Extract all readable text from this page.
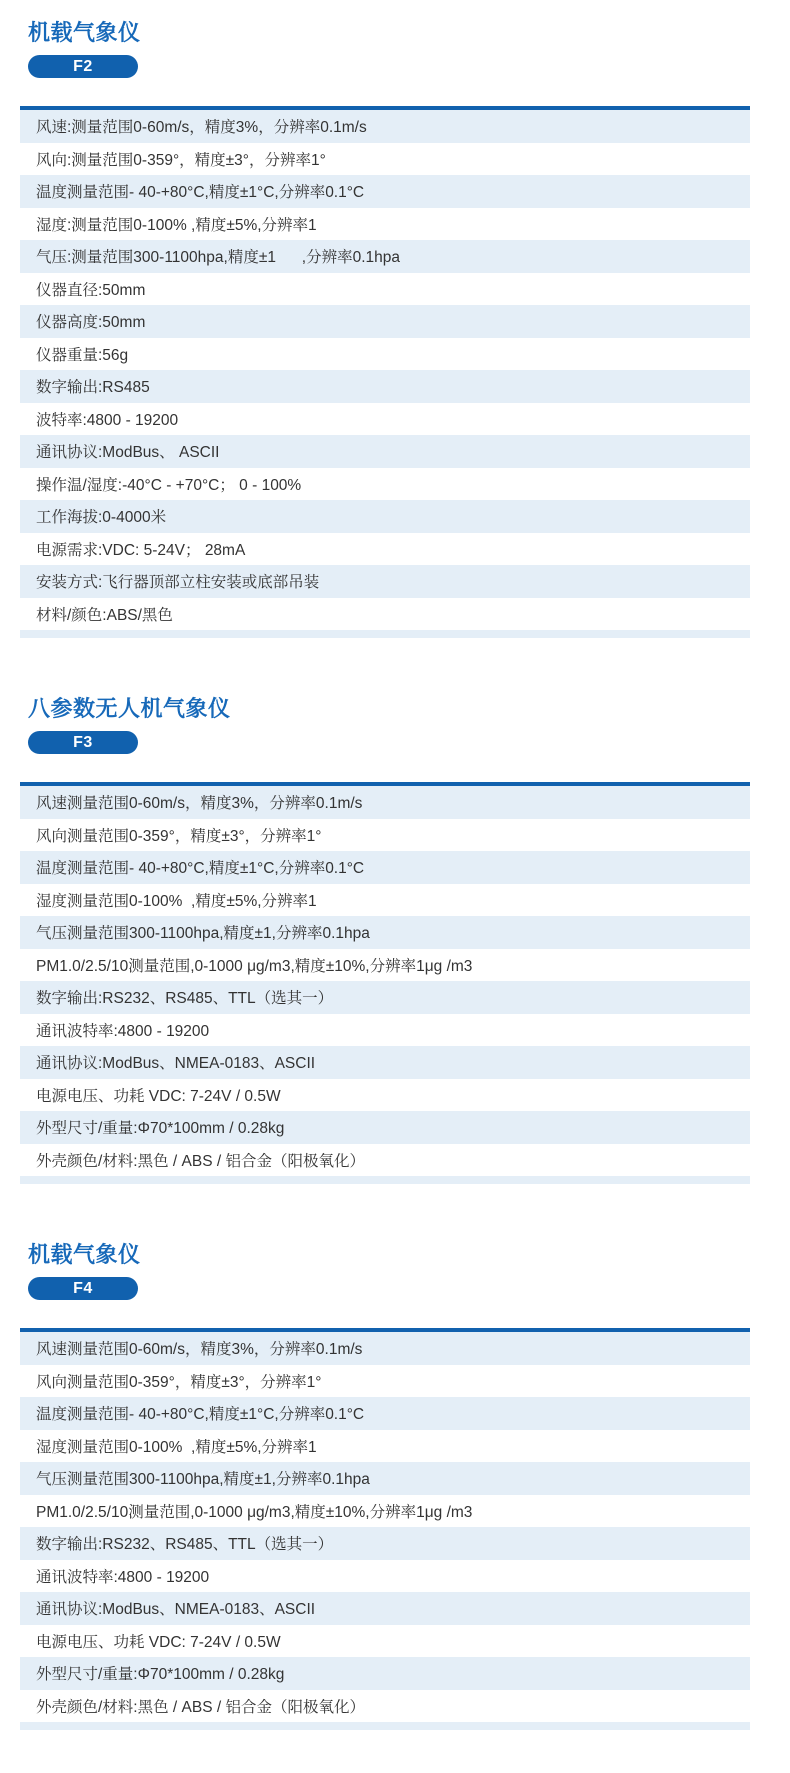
机载气象仪
F2
风速:测量范围0-60m/s，精度3%，分辨率0.1m/s
风向:测量范围0-359°，精度±3°，分辨率1°
温度测量范围- 40-+80°C,精度±1°C,分辨率0.1°C
湿度:测量范围0-100% ,精度±5%,分辨率1
气压:测量范围300-1100hpa,精度±1      ,分辨率0.1hpa
仪器直径:50mm
仪器高度:50mm
仪器重量:56g
数字输出:RS485
波特率:4800 - 19200
通讯协议:ModBus、 ASCII
操作温/湿度:-40°C - +70°C； 0 - 100%
工作海拔:0-4000米
电源需求:VDC: 5-24V； 28mA
安装方式:飞行器顶部立柱安装或底部吊装
材料/颜色:ABS/黑色
八参数无人机气象仪
F3
风速测量范围0-60m/s，精度3%，分辨率0.1m/s
风向测量范围0-359°，精度±3°，分辨率1°
温度测量范围- 40-+80°C,精度±1°C,分辨率0.1°C
湿度测量范围0-100%  ,精度±5%,分辨率1
气压测量范围300-1100hpa,精度±1,分辨率0.1hpa
PM1.0/2.5/10测量范围,0-1000 μg/m3,精度±10%,分辨率1μg /m3
数字输出:RS232、RS485、TTL（选其一）
通讯波特率:4800 - 19200
通讯协议:ModBus、NMEA-0183、ASCII
电源电压、功耗 VDC: 7-24V / 0.5W
外型尺寸/重量:Φ70*100mm / 0.28kg
外壳颜色/材料:黑色 / ABS / 铝合金（阳极氧化）
机载气象仪
F4
风速测量范围0-60m/s，精度3%，分辨率0.1m/s
风向测量范围0-359°，精度±3°，分辨率1°
温度测量范围- 40-+80°C,精度±1°C,分辨率0.1°C
湿度测量范围0-100%  ,精度±5%,分辨率1
气压测量范围300-1100hpa,精度±1,分辨率0.1hpa
PM1.0/2.5/10测量范围,0-1000 μg/m3,精度±10%,分辨率1μg /m3
数字输出:RS232、RS485、TTL（选其一）
通讯波特率:4800 - 19200
通讯协议:ModBus、NMEA-0183、ASCII
电源电压、功耗 VDC: 7-24V / 0.5W
外型尺寸/重量:Φ70*100mm / 0.28kg
外壳颜色/材料:黑色 / ABS / 铝合金（阳极氧化）
